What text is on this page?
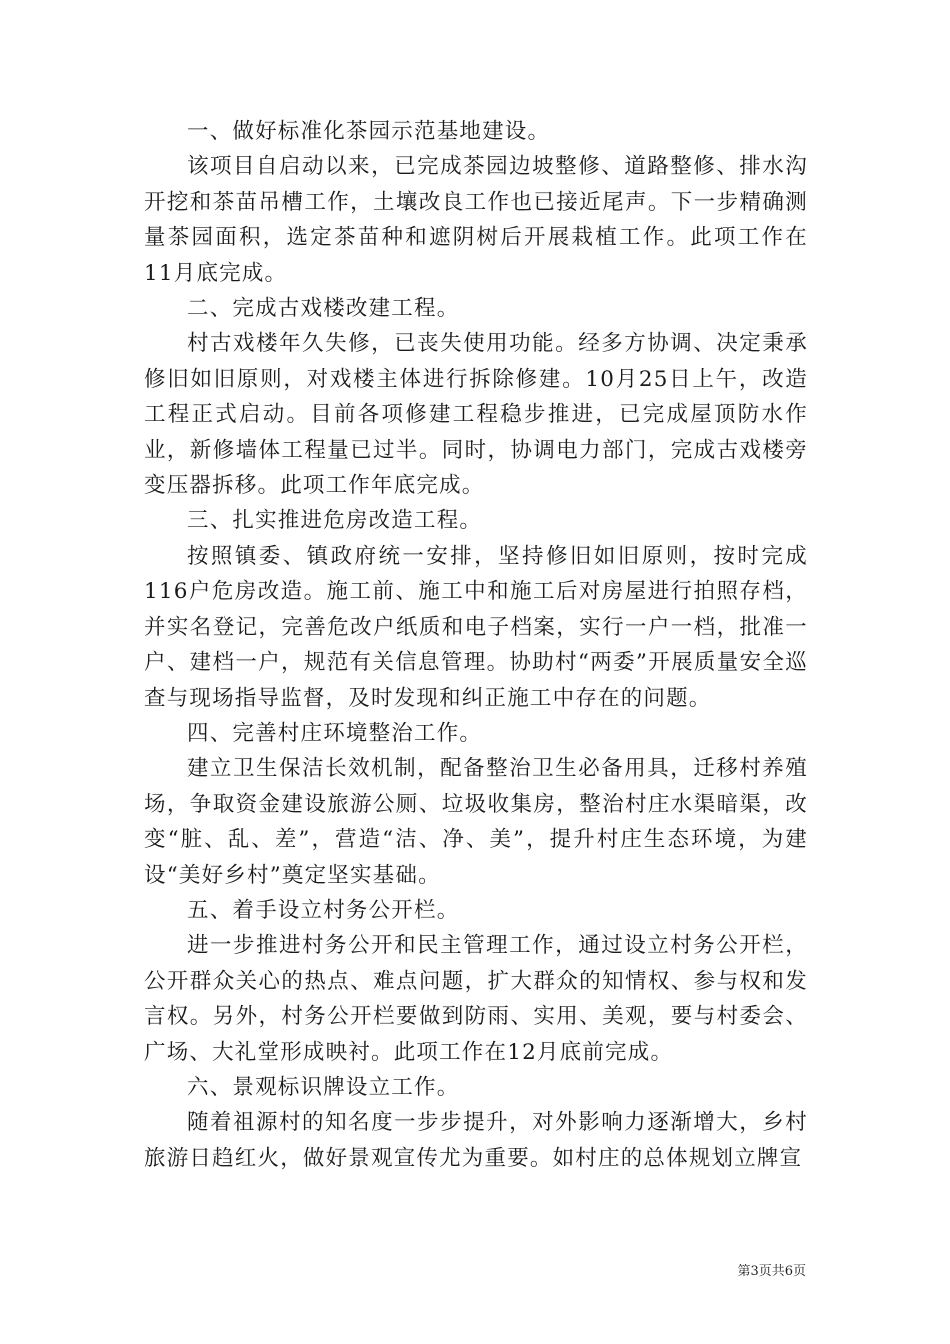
一、做好标准化茶园示范基地建设。

该项目自启动以来，已完成茶园边坡整修、道路整修、排水沟开挖和茶苗吊槽工作，土壤改良工作也已接近尾声。下一步精确测量茶园面积，选定茶苗种和遮阴树后开展栽植工作。此项工作在11月底完成。

二、完成古戏楼改建工程。

村古戏楼年久失修，已丧失使用功能。经多方协调、决定秉承修旧如旧原则，对戏楼主体进行拆除修建。10月25日上午，改造工程正式启动。目前各项修建工程稳步推进，已完成屋顶防水作业，新修墙体工程量已过半。同时，协调电力部门，完成古戏楼旁变压器拆移。此项工作年底完成。

三、扎实推进危房改造工程。

按照镇委、镇政府统一安排，坚持修旧如旧原则，按时完成116户危房改造。施工前、施工中和施工后对房屋进行拍照存档，并实名登记，完善危改户纸质和电子档案，实行一户一档，批准一户、建档一户，规范有关信息管理。协助村“两委”开展质量安全巡查与现场指导监督，及时发现和纠正施工中存在的问题。

四、完善村庄环境整治工作。

建立卫生保洁长效机制，配备整治卫生必备用具，迁移村养殖场，争取资金建设旅游公厕、垃圾收集房，整治村庄水渠暗渠，改变“脏、乱、差”，营造“洁、净、美”，提升村庄生态环境，为建设“美好乡村”奠定坚实基础。

五、着手设立村务公开栏。

进一步推进村务公开和民主管理工作，通过设立村务公开栏，公开群众关心的热点、难点问题，扩大群众的知情权、参与权和发言权。另外，村务公开栏要做到防雨、实用、美观，要与村委会、广场、大礼堂形成映衬。此项工作在12月底前完成。

六、景观标识牌设立工作。

随着祖源村的知名度一步步提升，对外影响力逐渐增大，乡村旅游日趋红火，做好景观宣传尤为重要。如村庄的总体规划立牌宣

第3页共6页
